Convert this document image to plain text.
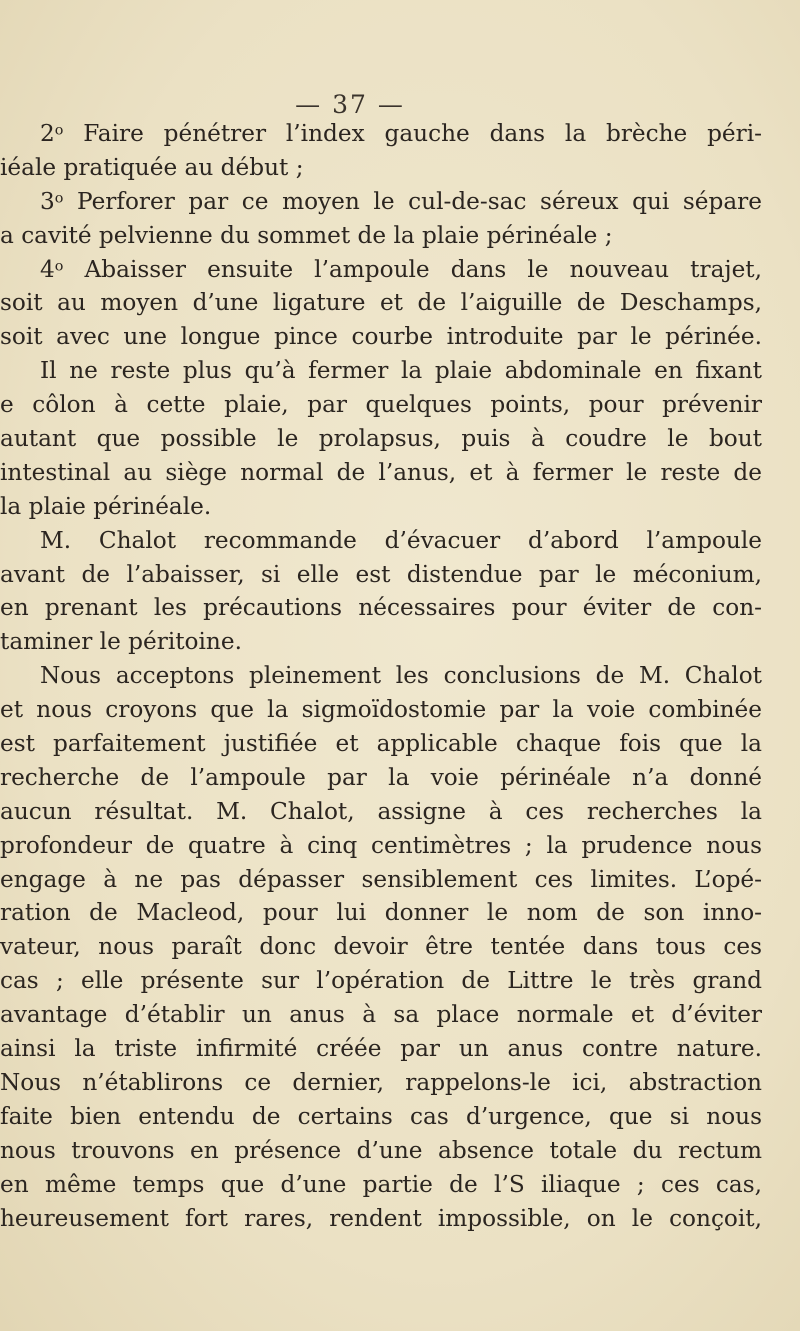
— 37 —
2$^o$ Faire pénétrer l’index gauche dans la brèche péri-
iéale pratiquée au début ;
3$^o$ Perforer par ce moyen le cul-de-sac séreux qui sépare
a cavité pelvienne du sommet de la plaie périnéale ;
4$^o$ Abaisser ensuite l’ampoule dans le nouveau trajet,
soit au moyen d’une ligature et de l’aiguille de Deschamps,
soit avec une longue pince courbe introduite par le périnée.
Il ne reste plus qu’à fermer la plaie abdominale en fixant
e côlon à cette plaie, par quelques points, pour prévenir
autant que possible le prolapsus, puis à coudre le bout
intestinal au siège normal de l’anus, et à fermer le reste de
la plaie périnéale.
M. Chalot recommande d’évacuer d’abord l’ampoule
avant de l’abaisser, si elle est distendue par le méconium,
en prenant les précautions nécessaires pour éviter de con-
taminer le péritoine.
Nous acceptons pleinement les conclusions de M. Chalot
et nous croyons que la sigmoïdostomie par la voie combinée
est parfaitement justifiée et applicable chaque fois que la
recherche de l’ampoule par la voie périnéale n’a donné
aucun résultat. M. Chalot, assigne à ces recherches la
profondeur de quatre à cinq centimètres ; la prudence nous
engage à ne pas dépasser sensiblement ces limites. L’opé-
ration de Macleod, pour lui donner le nom de son inno-
vateur, nous paraît donc devoir être tentée dans tous ces
cas ; elle présente sur l’opération de Littre le très grand
avantage d’établir un anus à sa place normale et d’éviter
ainsi la triste infirmité créée par un anus contre nature.
Nous n’établirons ce dernier, rappelons-le ici, abstraction
faite bien entendu de certains cas d’urgence, que si nous
nous trouvons en présence d’une absence totale du rectum
en même temps que d’une partie de l’S iliaque ; ces cas,
heureusement fort rares, rendent impossible, on le conçoit,
